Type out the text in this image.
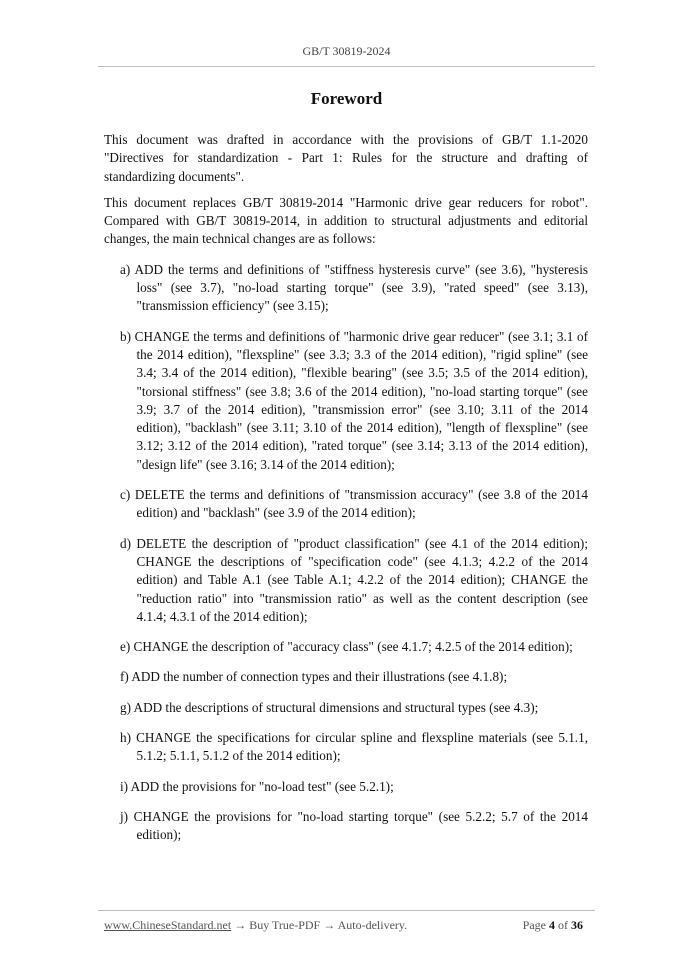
GB/T 30819-2024
Foreword

This document was drafted in accordance with the provisions of GB/T 1.1-2020 "Directives for standardization - Part 1: Rules for the structure and drafting of standardizing documents".

This document replaces GB/T 30819-2014 "Harmonic drive gear reducers for robot". Compared with GB/T 30819-2014, in addition to structural adjustments and editorial changes, the main technical changes are as follows:

a) ADD the terms and definitions of "stiffness hysteresis curve" (see 3.6), "hysteresis loss" (see 3.7), "no-load starting torque" (see 3.9), "rated speed" (see 3.13), "transmission efficiency" (see 3.15);

b) CHANGE the terms and definitions of "harmonic drive gear reducer" (see 3.1; 3.1 of the 2014 edition), "flexspline" (see 3.3; 3.3 of the 2014 edition), "rigid spline" (see 3.4; 3.4 of the 2014 edition), "flexible bearing" (see 3.5; 3.5 of the 2014 edition), "torsional stiffness" (see 3.8; 3.6 of the 2014 edition), "no-load starting torque" (see 3.9; 3.7 of the 2014 edition), "transmission error" (see 3.10; 3.11 of the 2014 edition), "backlash" (see 3.11; 3.10 of the 2014 edition), "length of flexspline" (see 3.12; 3.12 of the 2014 edition), "rated torque" (see 3.14; 3.13 of the 2014 edition), "design life" (see 3.16; 3.14 of the 2014 edition);

c) DELETE the terms and definitions of "transmission accuracy" (see 3.8 of the 2014 edition) and "backlash" (see 3.9 of the 2014 edition);

d) DELETE the description of "product classification" (see 4.1 of the 2014 edition); CHANGE the descriptions of "specification code" (see 4.1.3; 4.2.2 of the 2014 edition) and Table A.1 (see Table A.1; 4.2.2 of the 2014 edition); CHANGE the "reduction ratio" into "transmission ratio" as well as the content description (see 4.1.4; 4.3.1 of the 2014 edition);

e) CHANGE the description of "accuracy class" (see 4.1.7; 4.2.5 of the 2014 edition);

f) ADD the number of connection types and their illustrations (see 4.1.8);

g) ADD the descriptions of structural dimensions and structural types (see 4.3);

h) CHANGE the specifications for circular spline and flexspline materials (see 5.1.1, 5.1.2; 5.1.1, 5.1.2 of the 2014 edition);

i) ADD the provisions for "no-load test" (see 5.2.1);

j) CHANGE the provisions for "no-load starting torque" (see 5.2.2; 5.7 of the 2014 edition);

www.ChineseStandard.net → Buy True-PDF → Auto-delivery.	Page 4 of 36
